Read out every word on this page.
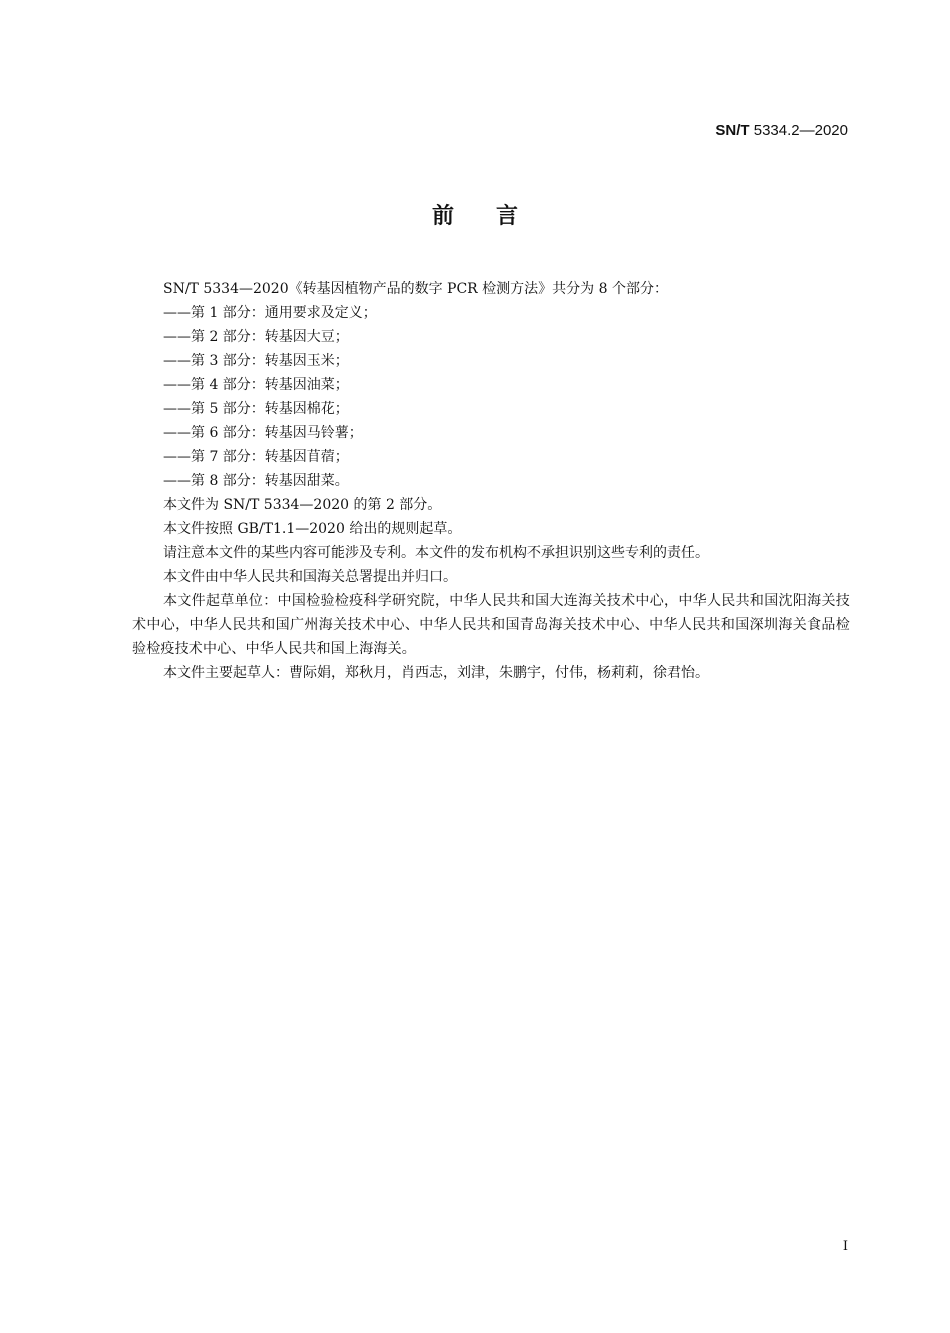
SN/T 5334.2—2020
前言

SN/T 5334—2020《转基因植物产品的数字 PCR 检测方法》共分为 8 个部分：

——第 1 部分：通用要求及定义；
——第 2 部分：转基因大豆；
——第 3 部分：转基因玉米；
——第 4 部分：转基因油菜；
——第 5 部分：转基因棉花；
——第 6 部分：转基因马铃薯；
——第 7 部分：转基因苜蓿；
——第 8 部分：转基因甜菜。

本文件为 SN/T 5334—2020 的第 2 部分。

本文件按照 GB/T1.1—2020 给出的规则起草。

请注意本文件的某些内容可能涉及专利。本文件的发布机构不承担识别这些专利的责任。

本文件由中华人民共和国海关总署提出并归口。

本文件起草单位：中国检验检疫科学研究院，中华人民共和国大连海关技术中心，中华人民共和国沈阳海关技术中心，中华人民共和国广州海关技术中心、中华人民共和国青岛海关技术中心、中华人民共和国深圳海关食品检验检疫技术中心、中华人民共和国上海海关。

本文件主要起草人：曹际娟，郑秋月，肖西志，刘津，朱鹏宇，付伟，杨莉莉，徐君怡。

I
